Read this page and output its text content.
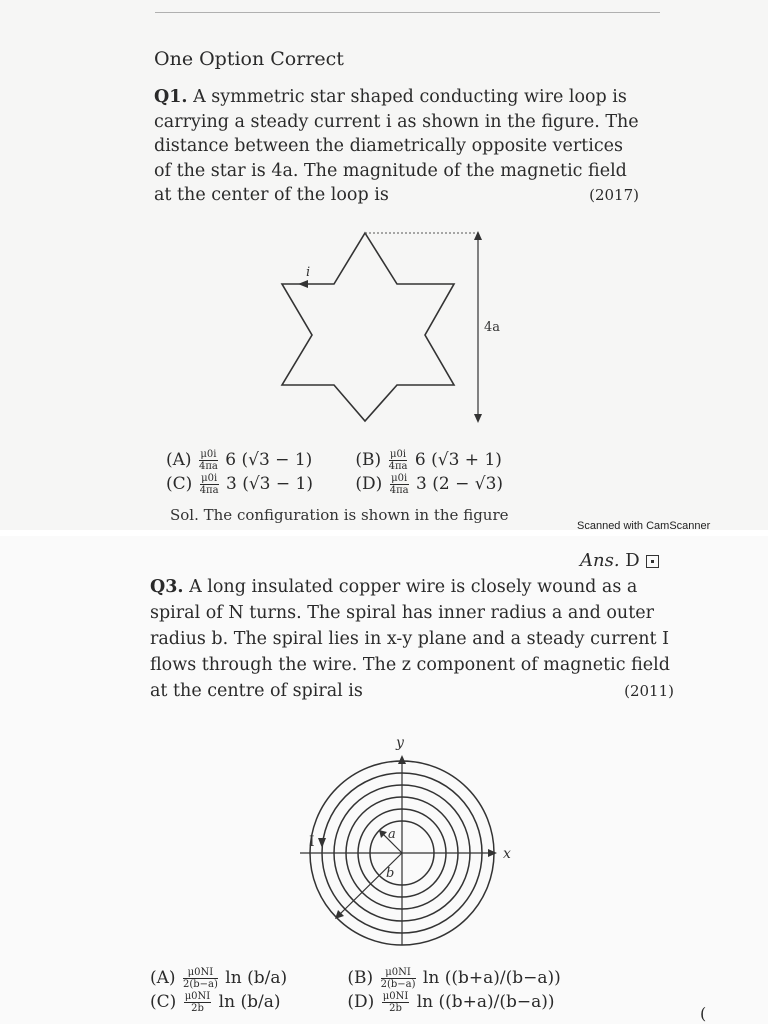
One Option Correct
Q1. A symmetric star shaped conducting wire loop is carrying a steady current i as shown in the figure. The distance between the diametrically opposite vertices of the star is 4a. The magnitude of the magnetic field at the center of the loop is	(2017)
i
4a
$(A) \frac{\mu 0i}{4\pi a} 6$ (√3 − 1)	$(B) \frac{\mu 0i}{4\pi a} 6$ (√3 + 1)
$(C) \frac{\mu 0i}{4\pi a} 3$ (√3 − 1) $(D) \frac{\mu 0i}{4\pi a} 3$ (2 − √3)
Sol. The configuration is shown in the figure
Scanned with CamScanner
Ans. D
Q3. A long insulated copper wire is closely wound as a spiral of N turns. The spiral has inner radius a and outer radius b. The spiral lies in x-y plane and a steady current I flows through the wire. The z component of magnetic field at the centre of spiral is	(2011)
y
x
I	a
b
$(A) \frac{\mu 0NI}{2(b-a)}$ ln (b/a)	$(B) \frac{\mu 0NI}{2(b-a)}$ ln ((b+a)/(b−a))
$(C) \frac{\mu 0NI}{2b}$ ln (b/a)	$(D) \frac{\mu 0NI}{2b}$ ln ((b+a)/(b−a))
(
